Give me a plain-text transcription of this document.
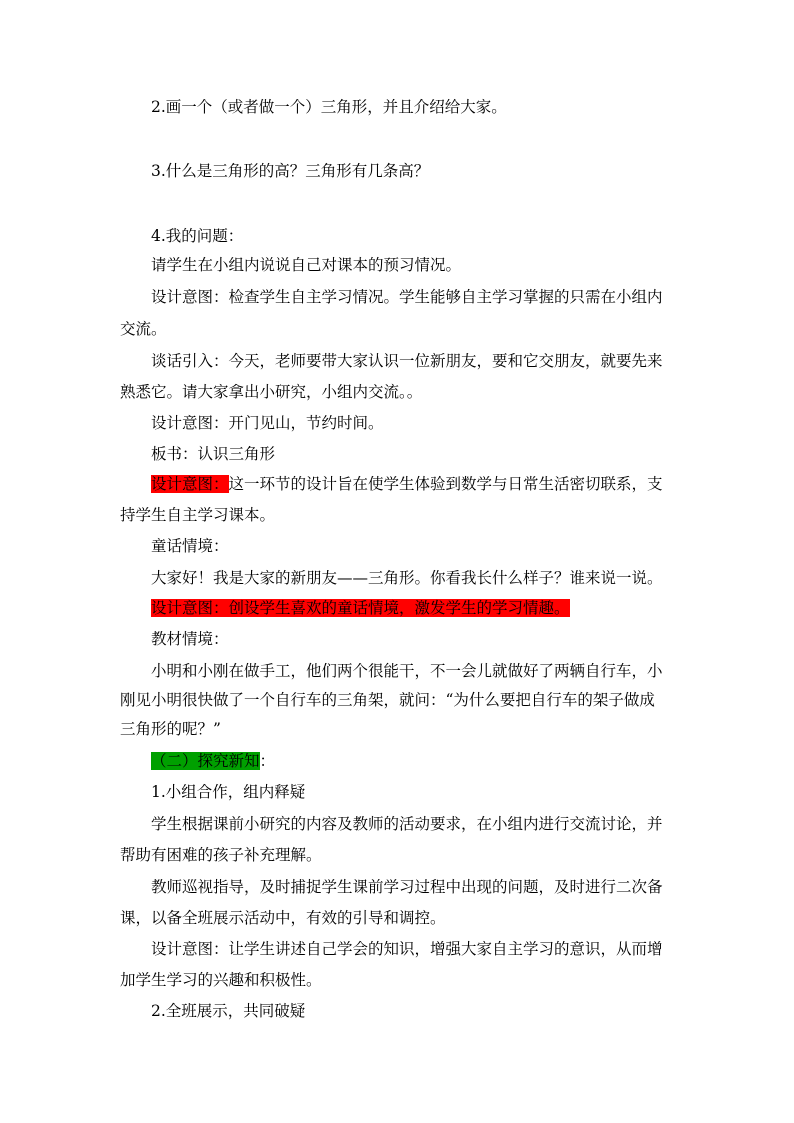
2.画一个（或者做一个）三角形，并且介绍给大家。
3.什么是三角形的高？三角形有几条高？
4.我的问题：
请学生在小组内说说自己对课本的预习情况。
设计意图：检查学生自主学习情况。学生能够自主学习掌握的只需在小组内
交流。
谈话引入：今天，老师要带大家认识一位新朋友，要和它交朋友，就要先来
熟悉它。请大家拿出小研究，小组内交流。。
设计意图：开门见山，节约时间。
板书：认识三角形
设计意图：这一环节的设计旨在使学生体验到数学与日常生活密切联系，支
持学生自主学习课本。
童话情境：
大家好！我是大家的新朋友——三角形。你看我长什么样子？谁来说一说。
设计意图：创设学生喜欢的童话情境，激发学生的学习情趣。
教材情境：
小明和小刚在做手工，他们两个很能干，不一会儿就做好了两辆自行车，小
刚见小明很快做了一个自行车的三角架，就问：“为什么要把自行车的架子做成
三角形的呢？”
（二）探究新知：
1.小组合作，组内释疑
学生根据课前小研究的内容及教师的活动要求，在小组内进行交流讨论，并
帮助有困难的孩子补充理解。
教师巡视指导，及时捕捉学生课前学习过程中出现的问题，及时进行二次备
课，以备全班展示活动中，有效的引导和调控。
设计意图：让学生讲述自己学会的知识，增强大家自主学习的意识，从而增
加学生学习的兴趣和积极性。
2.全班展示，共同破疑
